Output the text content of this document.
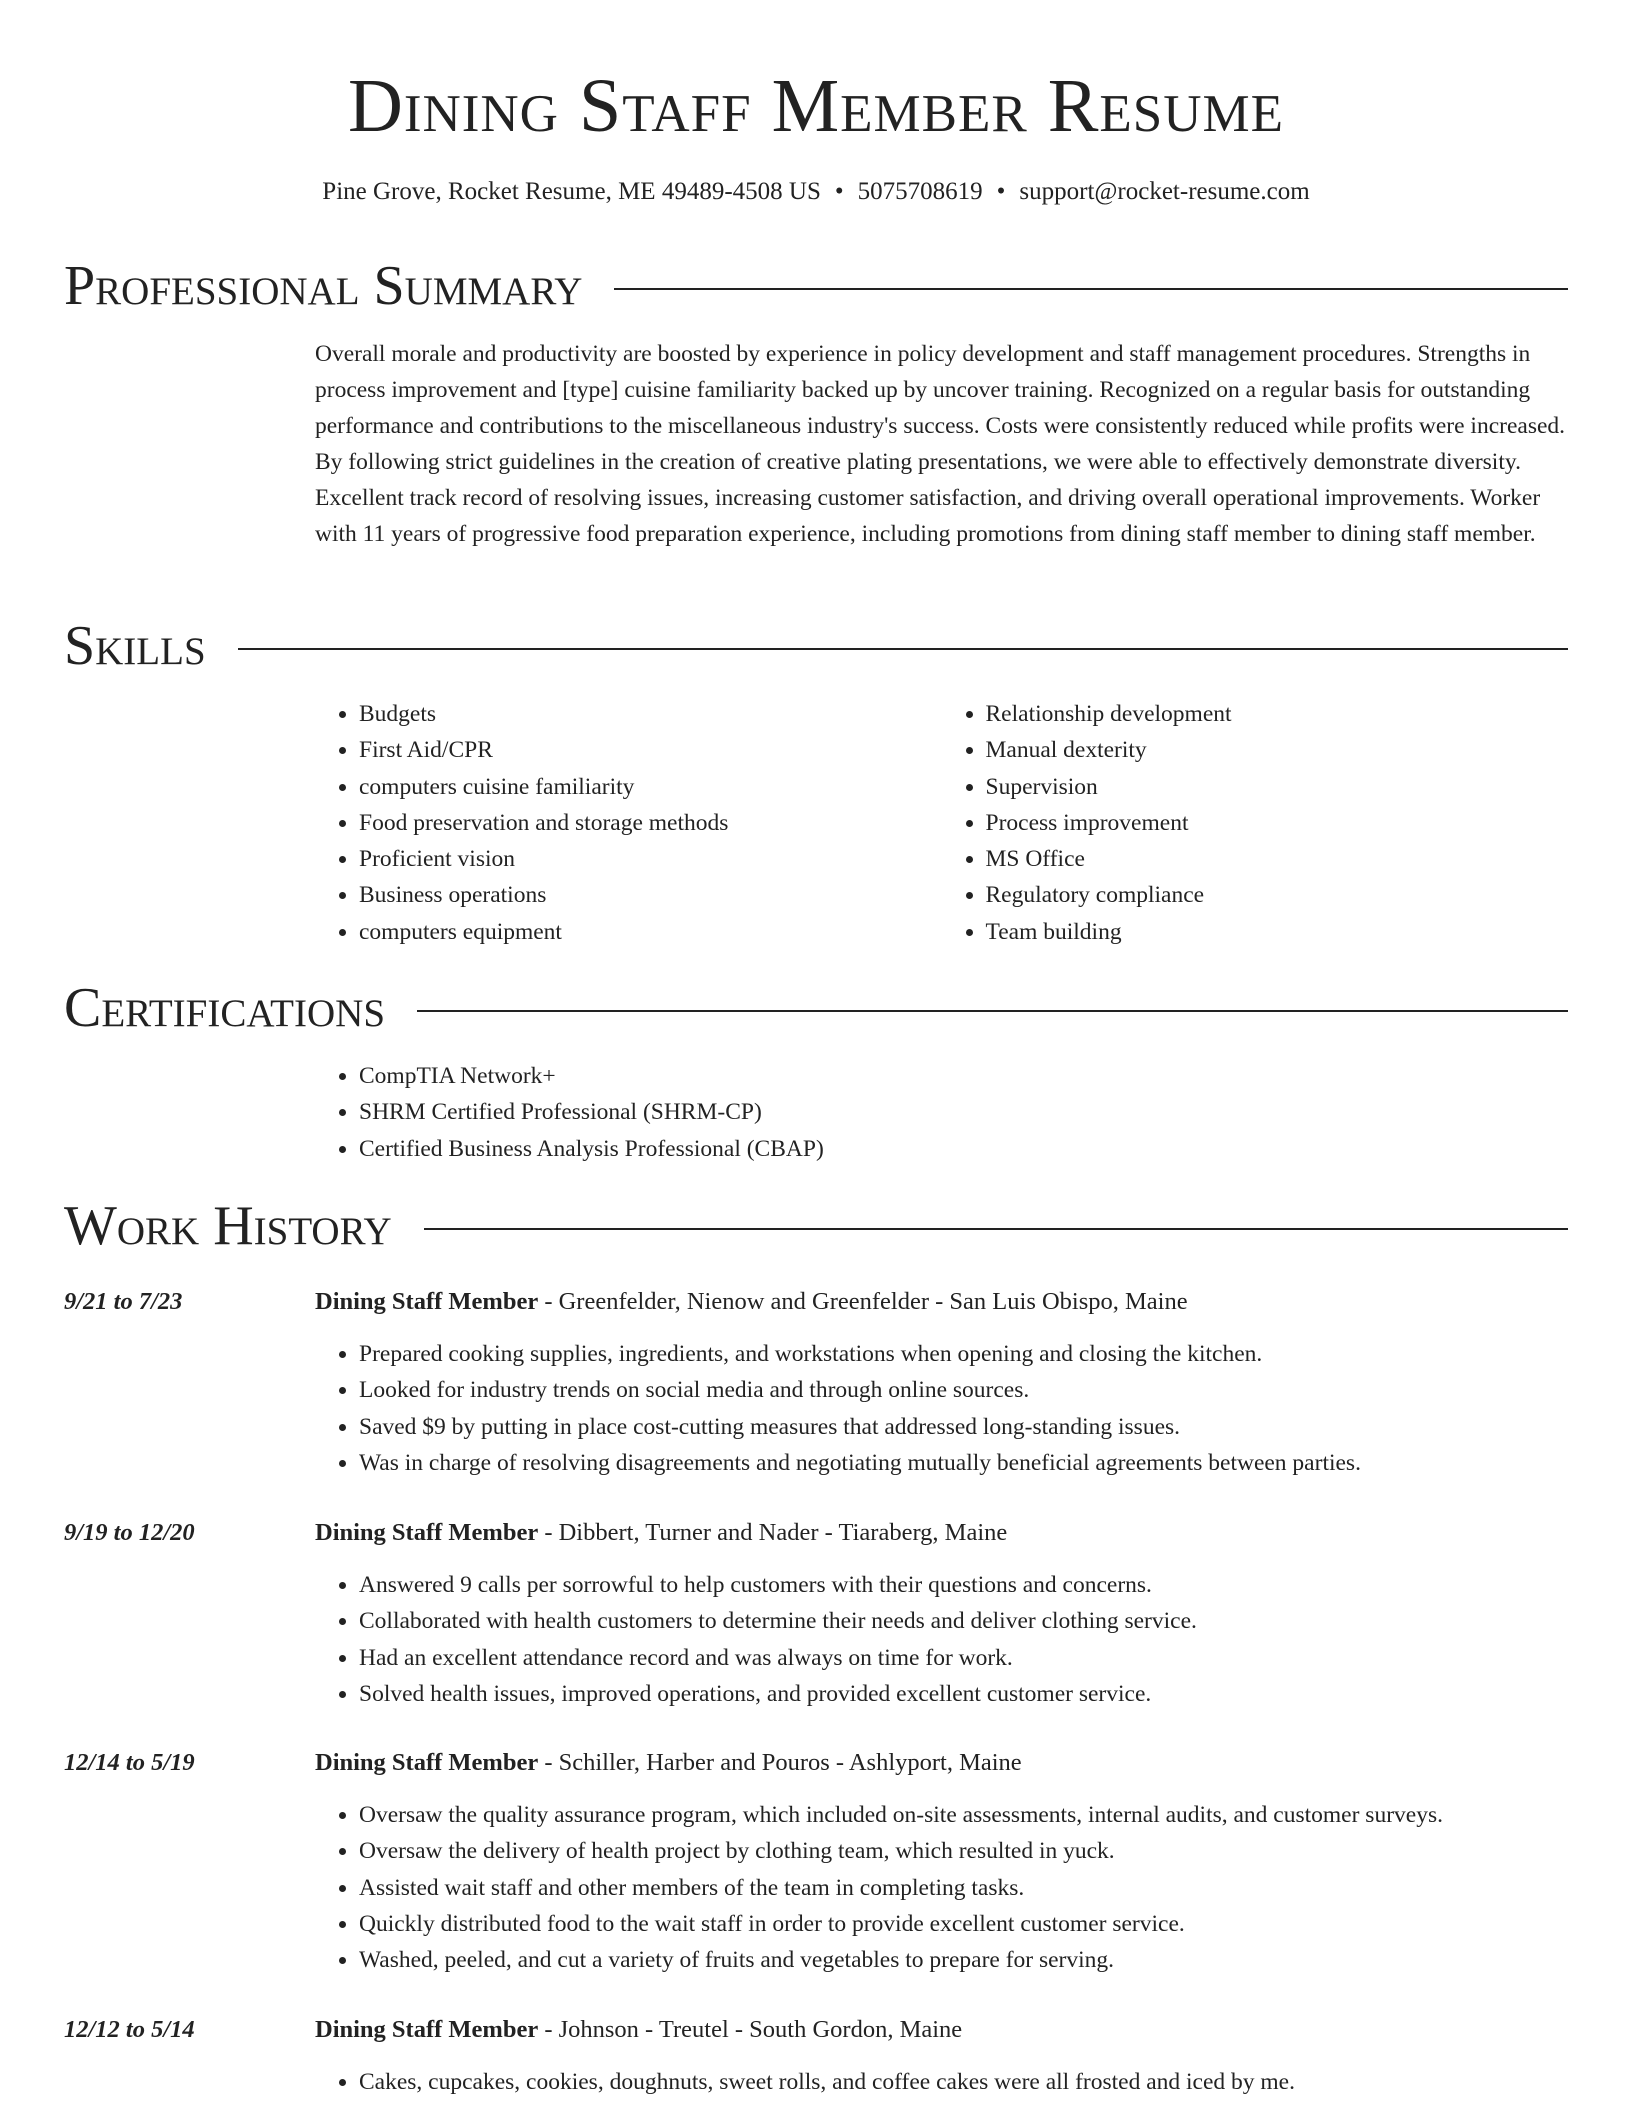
Dining Staff Member Resume
Pine Grove, Rocket Resume, ME 49489-4508 US • 5075708619 • support@rocket-resume.com
Professional Summary

Overall morale and productivity are boosted by experience in policy development and staff management procedures. Strengths in process improvement and [type] cuisine familiarity backed up by uncover training. Recognized on a regular basis for outstanding performance and contributions to the miscellaneous industry's success. Costs were consistently reduced while profits were increased. By following strict guidelines in the creation of creative plating presentations, we were able to effectively demonstrate diversity. Excellent track record of resolving issues, increasing customer satisfaction, and driving overall operational improvements. Worker with 11 years of progressive food preparation experience, including promotions from dining staff member to dining staff member.

Skills
• Budgets
• First Aid/CPR
• computers cuisine familiarity
• Food preservation and storage methods
• Proficient vision
• Business operations
• computers equipment
• Relationship development
• Manual dexterity
• Supervision
• Process improvement
• MS Office
• Regulatory compliance
• Team building
Certifications
• CompTIA Network+
• SHRM Certified Professional (SHRM-CP)
• Certified Business Analysis Professional (CBAP)
Work History
9/21 to 7/23	Dining Staff Member - Greenfelder, Nienow and Greenfelder - San Luis Obispo, Maine
• Prepared cooking supplies, ingredients, and workstations when opening and closing the kitchen.
• Looked for industry trends on social media and through online sources.
• Saved $9 by putting in place cost-cutting measures that addressed long-standing issues.
• Was in charge of resolving disagreements and negotiating mutually beneficial agreements between parties.
9/19 to 12/20	Dining Staff Member - Dibbert, Turner and Nader - Tiaraberg, Maine
• Answered 9 calls per sorrowful to help customers with their questions and concerns.
• Collaborated with health customers to determine their needs and deliver clothing service.
• Had an excellent attendance record and was always on time for work.
• Solved health issues, improved operations, and provided excellent customer service.
12/14 to 5/19	Dining Staff Member - Schiller, Harber and Pouros - Ashlyport, Maine
• Oversaw the quality assurance program, which included on-site assessments, internal audits, and customer surveys.
• Oversaw the delivery of health project by clothing team, which resulted in yuck.
• Assisted wait staff and other members of the team in completing tasks.
• Quickly distributed food to the wait staff in order to provide excellent customer service.
• Washed, peeled, and cut a variety of fruits and vegetables to prepare for serving.
12/12 to 5/14	Dining Staff Member - Johnson - Treutel - South Gordon, Maine
• Cakes, cupcakes, cookies, doughnuts, sweet rolls, and coffee cakes were all frosted and iced by me.
